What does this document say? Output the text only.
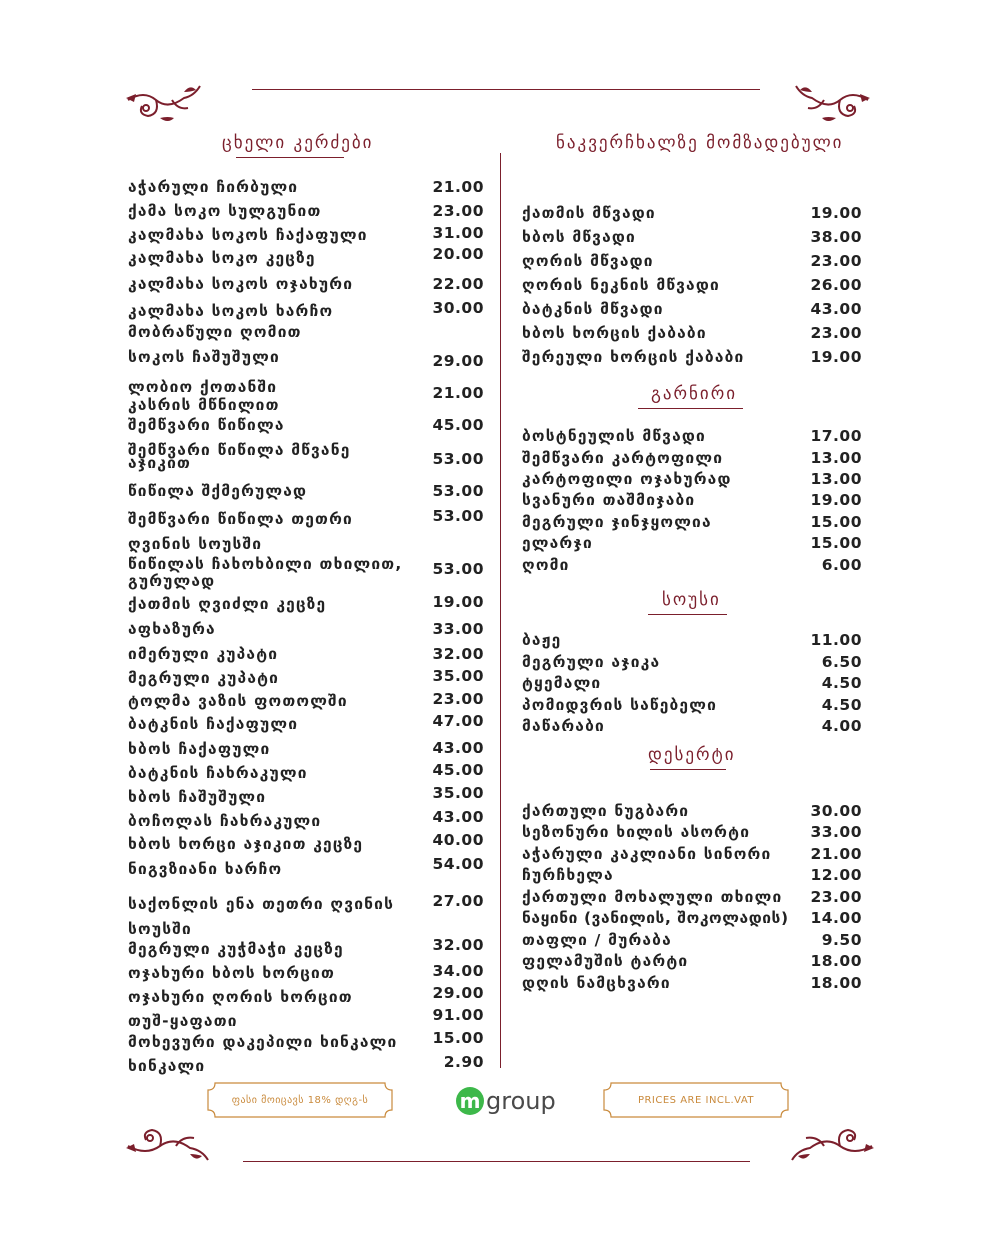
ცხელი კერძები	ნაკვერჩხალზე მომზადებული
გარნირი
სოუსი
დესერტი
აჭარული ჩირბული	21.00
ქამა სოკო სულგუნით	23.00
კალმახა სოკოს ჩაქაფული	31.00
კალმახა სოკო კეცზე	20.00
კალმახა სოკოს ოჯახური	22.00
კალმახა სოკოს ხარჩო
მობრაწული ღომით
30.00
სოკოს ჩაშუშული	29.00
ლობიო ქოთანში
კასრის მწნილით
21.00
შემწვარი წიწილა	45.00
შემწვარი წიწილა მწვანე
აჯიკით	53.00
წიწილა შქმერულად	53.00
შემწვარი წიწილა თეთრი
ღვინის სოუსში
53.00
წიწილას ჩახოხბილი თხილით,
გურულად
53.00
ქათმის ღვიძლი კეცზე	19.00
აფხაზურა	33.00
იმერული კუპატი	32.00
მეგრული კუპატი	35.00
ტოლმა ვაზის ფოთოლში	23.00
ბატკნის ჩაქაფული	47.00
ხბოს ჩაქაფული	43.00
ბატკნის ჩახრაკული	45.00
ხბოს ჩაშუშული	35.00
ბოჩოლას ჩახრაკული	43.00
ხბოს ხორცი აჯიკით კეცზე	40.00
ნიგვზიანი ხარჩო	54.00
საქონლის ენა თეთრი ღვინის
სოუსში
27.00
მეგრული კუჭმაჭი კეცზე	32.00
ოჯახური ხბოს ხორცით	34.00
ოჯახური ღორის ხორცით	29.00
თუშ-ყაფათი	91.00
მოხევური დაკეპილი ხინკალი 15.00
ხინკალი	2.90
ქათმის მწვადი	19.00
ხბოს მწვადი	38.00
ღორის მწვადი	23.00
ღორის ნეკნის მწვადი	26.00
ბატკნის მწვადი	43.00
ხბოს ხორცის ქაბაბი	23.00
შერეული ხორცის ქაბაბი	19.00
ბოსტნეულის მწვადი	17.00
შემწვარი კარტოფილი	13.00
კარტოფილი ოჯახურად	13.00
სვანური თაშმიჯაბი	19.00
მეგრული ჯინჯყოლია	15.00
ელარჯი	15.00
ღომი	6.00
ბაჟე	11.00
მეგრული აჯიკა	6.50
ტყემალი	4.50
პომიდვრის საწებელი	4.50
მაწარაბი	4.00
ქართული ნუგბარი	30.00
სეზონური ხილის ასორტი	33.00
აჭარული კაკლიანი სინორი	21.00
ჩურჩხელა	12.00
ქართული მოხალული თხილი 23.00
ნაყინი (ვანილის, შოკოლადის) 14.00
თაფლი / მურაბა	9.50
ფელამუშის ტარტი	18.00
დღის ნამცხვარი	18.00
ფასი მოიცავს 18% დღგ-ს	m group	PRICES ARE INCL.VAT
